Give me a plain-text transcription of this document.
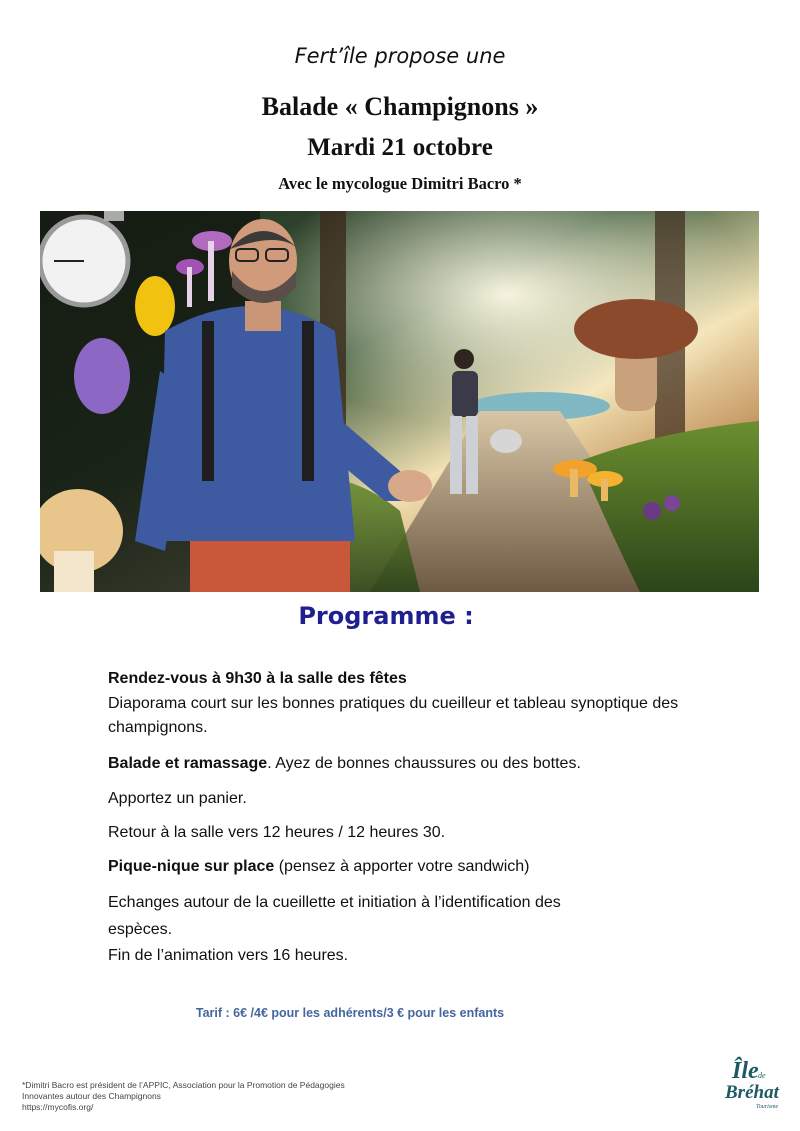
Fert’île propose une
Balade « Champignons »
Mardi 21 octobre
Avec le mycologue Dimitri Bacro *
Programme :
Rendez-vous à 9h30 à la salle des fêtes
Diaporama court sur les bonnes pratiques du cueilleur et tableau synoptique des champignons.
Balade et ramassage. Ayez de bonnes chaussures ou des bottes.
Apportez un panier.
Retour à la salle vers 12 heures / 12 heures 30.
Pique-nique sur place (pensez à apporter votre sandwich)
Echanges autour de la cueillette et initiation à l’identification des
espèces.
Fin de l’animation vers 16 heures.
Tarif : 6€ /4€ pour les adhérents/3 € pour les enfants
*Dimitri Bacro est président de l’APPIC, Association pour la Promotion de Pédagogies
Innovantes autour des Champignons
https://mycofis.org/
Île de
Bréhat
Tourisme
